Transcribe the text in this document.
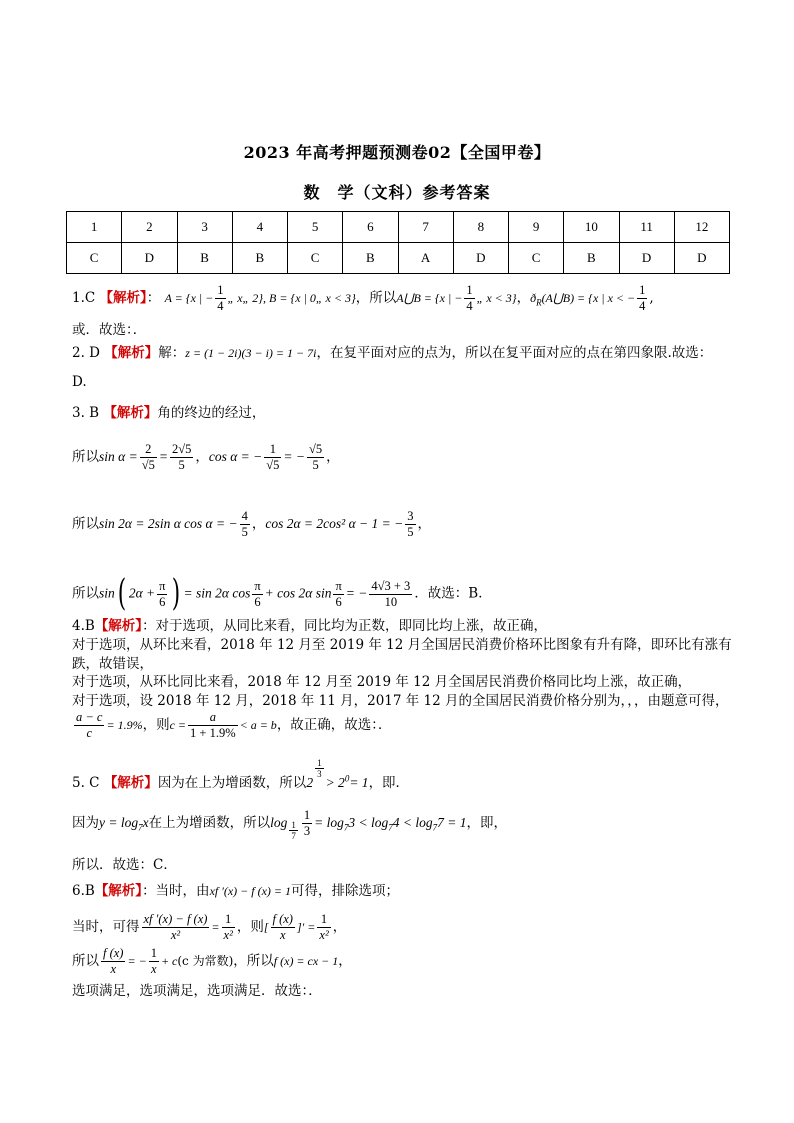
2023 年高考押题预测卷02【全国甲卷】
数　学（文科）参考答案
1	2	3	4	5	6	7	8	9	10	11	12
C	D	B	B	C	B	A	D	C	B	D	D
1.C 【解析】： A = {x | − $\frac{1}{4}$ „ x„ 2}, B = {x | 0„ x < 3}，所以A⋃B = {x | − $\frac{1}{4}$ „ x < 3}，$ð_R(A⋃B) = \{x$ | x < − $\frac{1}{4}$ ,
或．故选：．
2. D 【解析】解：z = (1 − 2i)(3 − i) = 1 − 7i，在复平面对应的点为，所以在复平面对应的点在第四象限.故选：
D.
3. B 【解析】角的终边的经过，
所以$\sin \alpha = \frac{2}{√5} = \frac{2√5}{5}$ ，cos α = − $\frac{1}{√5}$ = − $\frac{√5}{5}$ ，
所以sin 2α = 2sin α cos α = − $\frac{4}{5}$ ，cos 2α = 2cos² α − 1 = − $\frac{3}{5}$ ，
所以sin( $2\alpha + \frac{\pi}{6}$ ) = sin 2α $\cos \frac{\pi}{6} + \cos 2\alpha$ $\sin \frac{\pi}{6}$ = − $\frac{4√3 + 3}{10}$ ．故选：B．
4.B【解析】：对于选项，从同比来看，同比均为正数，即同比均上涨，故正确，
对于选项，从环比来看，2018 年 12 月至 2019 年 12 月全国居民消费价格环比图象有升有降，即环比有涨有
跌，故错误，
对于选项，从环比同比来看，2018 年 12 月至 2019 年 12 月全国居民消费价格同比均上涨，故正确，
对于选项，设 2018 年 12 月，2018 年 11 月，2017 年 12 月的全国居民消费价格分别为，，，由题意可得，
$\frac{a - c}{c} = 1.9\%$，则$c = \frac{a}{1 + 1.9\%} < a = b$，故正确，故选：．
5. C 【解析】因为在上为增函数，所以2
$\frac{1}{3}$
> $2^0= 1$，即．
因为$y = \log_7x$在上为增函数，所以$\log \frac{1}{7} \frac{1}{3} = \log_73 < \log_74 < \log_77 = 1$，即，
所以．故选：C．
6.B【解析】：当时，由xf ′(x) − f (x) = 1可得，排除选项；
当时，可得 $\frac{xf '(x) - f (x)}{\text{x²}} = \frac{1}{\text{x²}}$ ，则[ $\frac{f (x)}{x}$ ]′ = $\frac{1}{\text{x²}}$ ，
所以 $\frac{f (x)}{x}$ = − $\frac{1}{x} + c(c$ 为常数)，所以f (x) = cx − 1，
选项满足，选项满足，选项满足．故选：．
